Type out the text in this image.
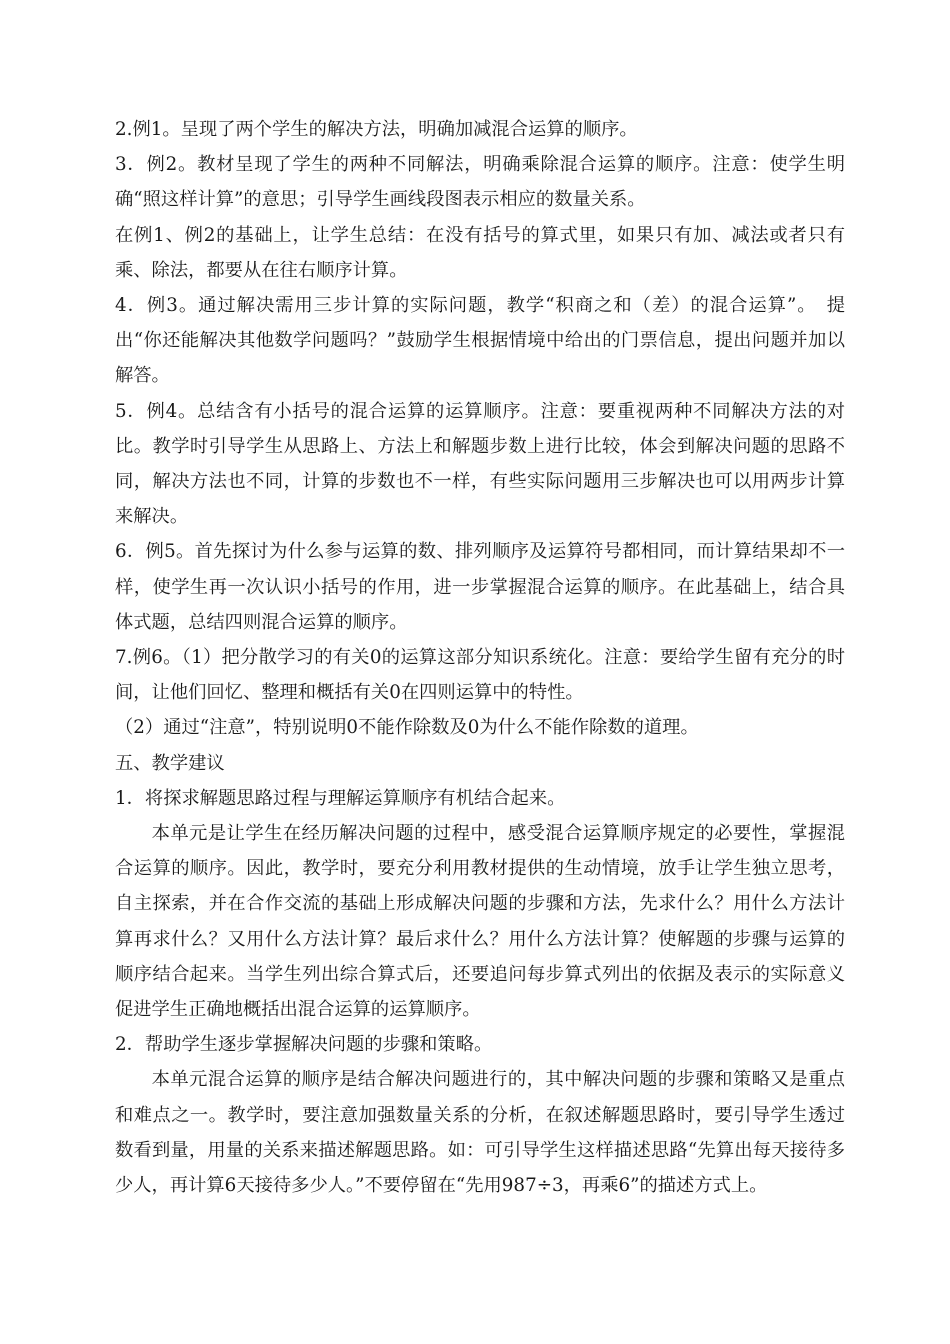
2.例1。呈现了两个学生的解决方法，明确加减混合运算的顺序。

3．例2。教材呈现了学生的两种不同解法，明确乘除混合运算的顺序。注意：使学生明确“照这样计算”的意思；引导学生画线段图表示相应的数量关系。

在例1、例2的基础上，让学生总结：在没有括号的算式里，如果只有加、减法或者只有乘、除法，都要从在往右顺序计算。

4．例3。通过解决需用三步计算的实际问题，教学“积商之和（差）的混合运算”。　提出“你还能解决其他数学问题吗？”鼓励学生根据情境中给出的门票信息，提出问题并加以解答。

5．例4。总结含有小括号的混合运算的运算顺序。注意：要重视两种不同解决方法的对比。教学时引导学生从思路上、方法上和解题步数上进行比较，体会到解决问题的思路不同，解决方法也不同，计算的步数也不一样，有些实际问题用三步解决也可以用两步计算来解决。

6．例5。首先探讨为什么参与运算的数、排列顺序及运算符号都相同，而计算结果却不一样，使学生再一次认识小括号的作用，进一步掌握混合运算的顺序。在此基础上，结合具体式题，总结四则混合运算的顺序。

7.例6。（1）把分散学习的有关0的运算这部分知识系统化。注意：要给学生留有充分的时间，让他们回忆、整理和概括有关0在四则运算中的特性。

（2）通过“注意”，特别说明0不能作除数及0为什么不能作除数的道理。

五、教学建议

1．将探求解题思路过程与理解运算顺序有机结合起来。

本单元是让学生在经历解决问题的过程中，感受混合运算顺序规定的必要性，掌握混合运算的顺序。因此，教学时，要充分利用教材提供的生动情境，放手让学生独立思考，自主探索，并在合作交流的基础上形成解决问题的步骤和方法，先求什么？用什么方法计算再求什么？又用什么方法计算？最后求什么？用什么方法计算？使解题的步骤与运算的顺序结合起来。当学生列出综合算式后，还要追问每步算式列出的依据及表示的实际意义促进学生正确地概括出混合运算的运算顺序。

2．帮助学生逐步掌握解决问题的步骤和策略。

本单元混合运算的顺序是结合解决问题进行的，其中解决问题的步骤和策略又是重点和难点之一。教学时，要注意加强数量关系的分析，在叙述解题思路时，要引导学生透过数看到量，用量的关系来描述解题思路。如：可引导学生这样描述思路“先算出每天接待多少人，再计算6天接待多少人。”不要停留在“先用987÷3，再乘6”的描述方式上。
